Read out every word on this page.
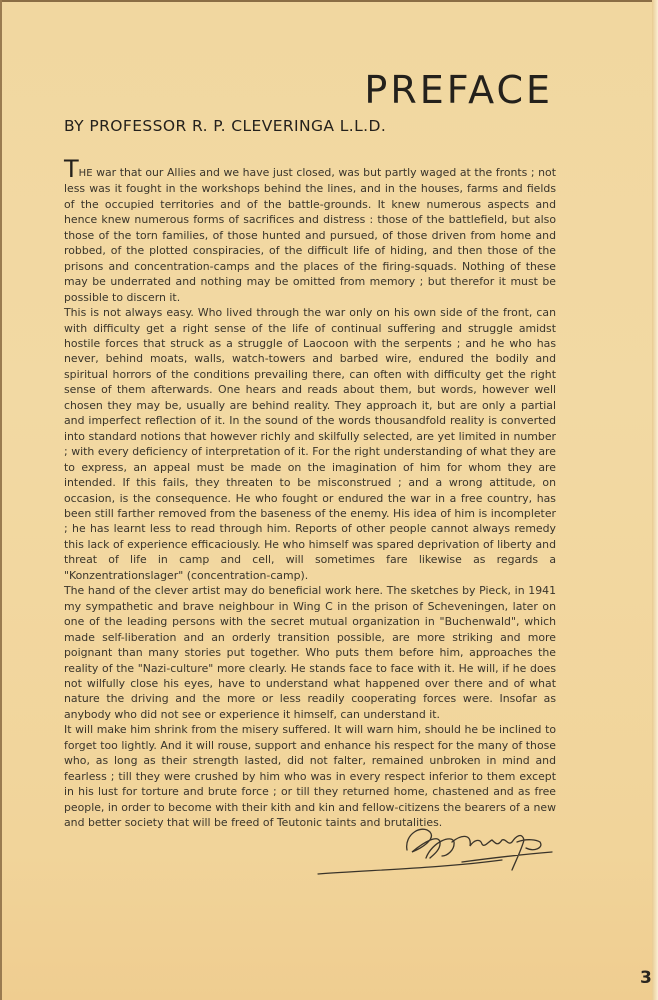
PREFACE
BY PROFESSOR R. P. CLEVERINGA L.L.D.

THE war that our Allies and we have just closed, was but partly waged at the fronts ; not less was it fought in the workshops behind the lines, and in the houses, farms and fields of the occupied territories and of the battle-grounds. It knew numerous aspects and hence knew numerous forms of sacrifices and distress : those of the battlefield, but also those of the torn families, of those hunted and pursued, of those driven from home and robbed, of the plotted conspiracies, of the difficult life of hiding, and then those of the prisons and concentration-camps and the places of the firing-squads. Nothing of these may be underrated and nothing may be omitted from memory ; but therefor it must be possible to discern it.

This is not always easy. Who lived through the war only on his own side of the front, can with difficulty get a right sense of the life of continual suffering and struggle amidst hostile forces that struck as a struggle of Laocoon with the serpents ; and he who has never, behind moats, walls, watch-towers and barbed wire, endured the bodily and spiritual horrors of the conditions prevailing there, can often with difficulty get the right sense of them afterwards. One hears and reads about them, but words, however well chosen they may be, usually are behind reality. They approach it, but are only a partial and imperfect reflection of it. In the sound of the words thousandfold reality is converted into standard notions that however richly and skilfully selected, are yet limited in number ; with every deficiency of interpretation of it. For the right understanding of what they are to express, an appeal must be made on the imagination of him for whom they are intended. If this fails, they threaten to be misconstrued ; and a wrong attitude, on occasion, is the consequence. He who fought or endured the war in a free country, has been still farther removed from the baseness of the enemy. His idea of him is incompleter ; he has learnt less to read through him. Reports of other people cannot always remedy this lack of experience efficaciously. He who himself was spared deprivation of liberty and threat of life in camp and cell, will sometimes fare likewise as regards a "Konzentrationslager" (concentration-camp).

The hand of the clever artist may do beneficial work here. The sketches by Pieck, in 1941 my sympathetic and brave neighbour in Wing C in the prison of Scheveningen, later on one of the leading persons with the secret mutual organization in "Buchenwald", which made self-liberation and an orderly transition possible, are more striking and more poignant than many stories put together. Who puts them before him, approaches the reality of the "Nazi-culture" more clearly. He stands face to face with it. He will, if he does not wilfully close his eyes, have to understand what happened over there and of what nature the driving and the more or less readily cooperating forces were. Insofar as anybody who did not see or experience it himself, can understand it.

It will make him shrink from the misery suffered. It will warn him, should he be inclined to forget too lightly. And it will rouse, support and enhance his respect for the many of those who, as long as their strength lasted, did not falter, remained unbroken in mind and fearless ; till they were crushed by him who was in every respect inferior to them except in his lust for torture and brute force ; or till they returned home, chastened and as free people, in order to become with their kith and kin and fellow-citizens the bearers of a new and better society that will be freed of Teutonic taints and brutalities.

3
